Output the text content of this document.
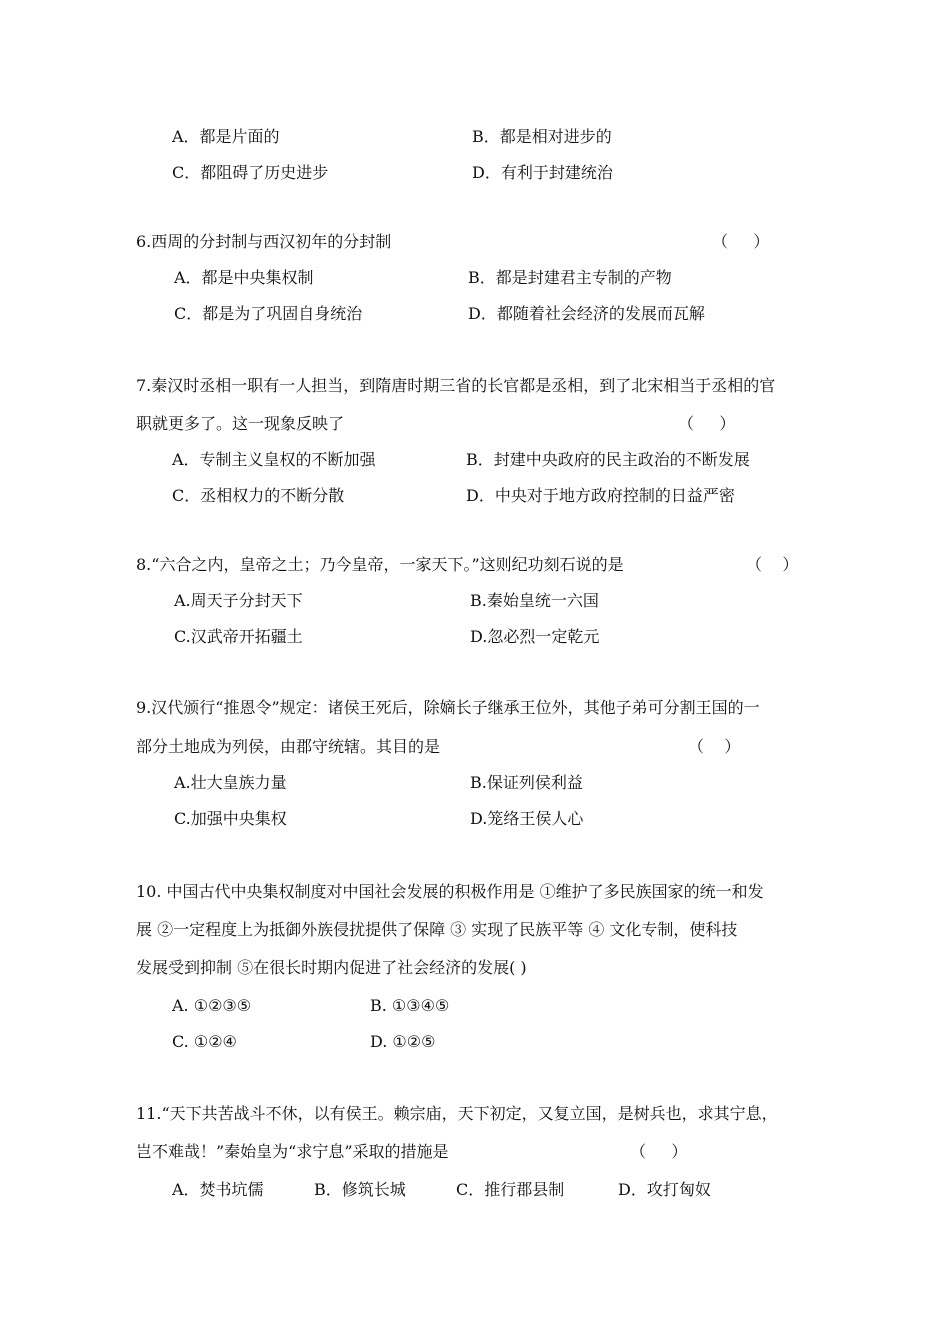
A．都是片面的	B．都是相对进步的
C．都阻碍了历史进步	D．有利于封建统治
6.西周的分封制与西汉初年的分封制	（     ）
A．都是中央集权制	B．都是封建君主专制的产物
C．都是为了巩固自身统治	D．都随着社会经济的发展而瓦解
7.秦汉时丞相一职有一人担当，到隋唐时期三省的长官都是丞相，到了北宋相当于丞相的官
职就更多了。这一现象反映了	（     ）
A．专制主义皇权的不断加强	B．封建中央政府的民主政治的不断发展
C．丞相权力的不断分散	D．中央对于地方政府控制的日益严密
8.“六合之内，皇帝之土；乃今皇帝，一家天下。”这则纪功刻石说的是	（    ）
A.周天子分封天下	B.秦始皇统一六国
C.汉武帝开拓疆土	D.忽必烈一定乾元
9.汉代颁行“推恩令”规定：诸侯王死后，除嫡长子继承王位外，其他子弟可分割王国的一
部分土地成为列侯，由郡守统辖。其目的是	（    ）
A.壮大皇族力量	B.保证列侯利益
C.加强中央集权	D.笼络王侯人心
10. 中国古代中央集权制度对中国社会发展的积极作用是 ①维护了多民族国家的统一和发
展 ②一定程度上为抵御外族侵扰提供了保障 ③ 实现了民族平等 ④ 文化专制，使科技
发展受到抑制 ⑤在很长时期内促进了社会经济的发展( )
A. ①②③⑤	B. ①③④⑤
C. ①②④	D. ①②⑤
11.“天下共苦战斗不休，以有侯王。赖宗庙，天下初定，又复立国，是树兵也，求其宁息，
岂不难哉！”秦始皇为“求宁息”采取的措施是	（     ）
A．焚书坑儒	B．修筑长城	C．推行郡县制	D．攻打匈奴
